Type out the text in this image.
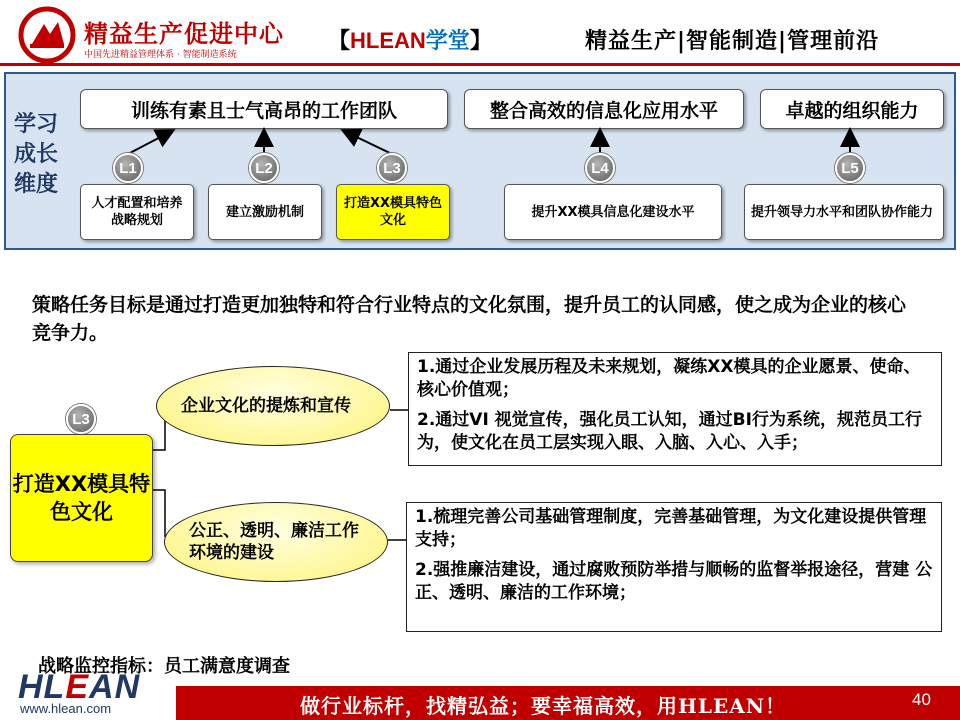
精益生产促进中心
中国先进精益管理体系 · 智能制造系统
【HLEAN学堂】	精益生产|智能制造|管理前沿
学习成长维度
训练有素且士气高昂的工作团队	整合高效的信息化应用水平	卓越的组织能力
L1	L2	L3	L4	L5
人才配置和培养战略规划
建立激励机制
打造XX模具特色文化
提升XX模具信息化建设水平	提升领导力水平和团队协作能力
策略任务目标是通过打造更加独特和符合行业特点的文化氛围，提升员工的认同感，使之成为企业的核心竞争力。
L3
打造XX模具特色文化
企业文化的提炼和宣传
公正、透明、廉洁工作环境的建设

1.通过企业发展历程及未来规划，凝练XX模具的企业愿景、使命、核心价值观；

2.通过VI 视觉宣传，强化员工认知，通过BI行为系统，规范员工行为，使文化在员工层实现入眼、入脑、入心、入手；

1.梳理完善公司基础管理制度，完善基础管理，为文化建设提供管理支持；

2.强推廉洁建设，通过腐败预防举措与顺畅的监督举报途径，营建 公正、透明、廉洁的工作环境；

战略监控指标：员工满意度调查
HLEAN
www.hlean.com	做行业标杆，找精弘益；要幸福高效，用HLEAN！	40
